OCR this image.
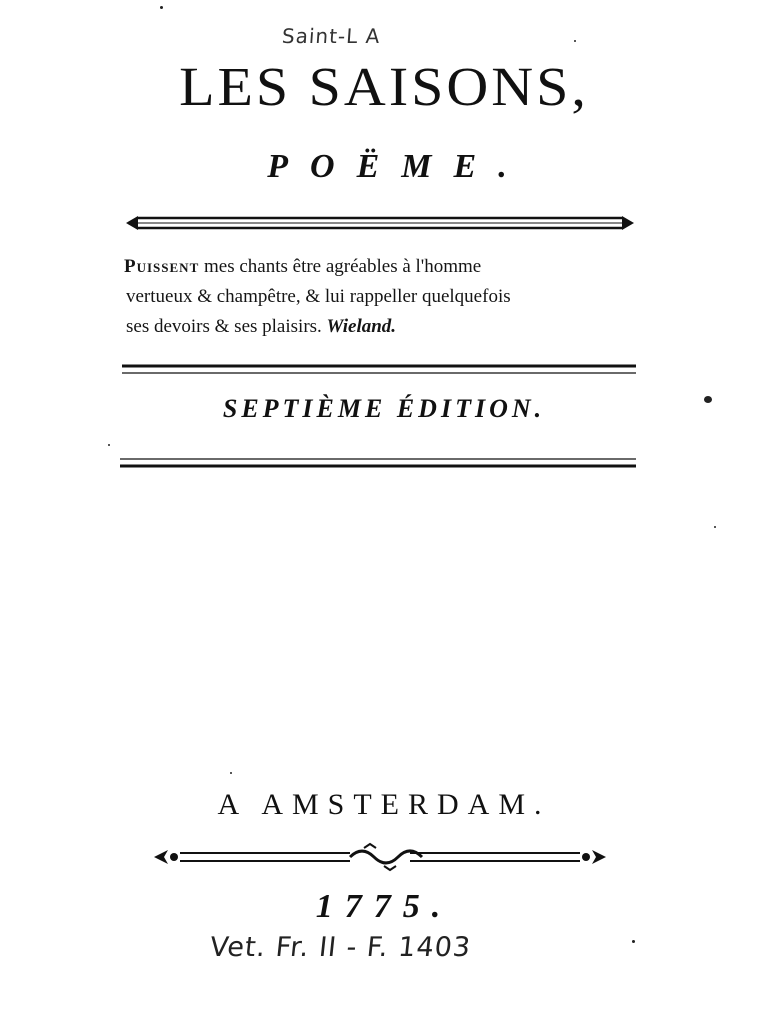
Saint-L A
LES SAISONS,
POËME.
Puissent mes chants être agréables à l'homme
vertueux & champêtre, & lui rappeller quelquefois
ses devoirs & ses plaisirs. Wieland.
SEPTIÈME ÉDITION.
A AMSTERDAM.
1775.
Vet. Fr. II - F. 1403
